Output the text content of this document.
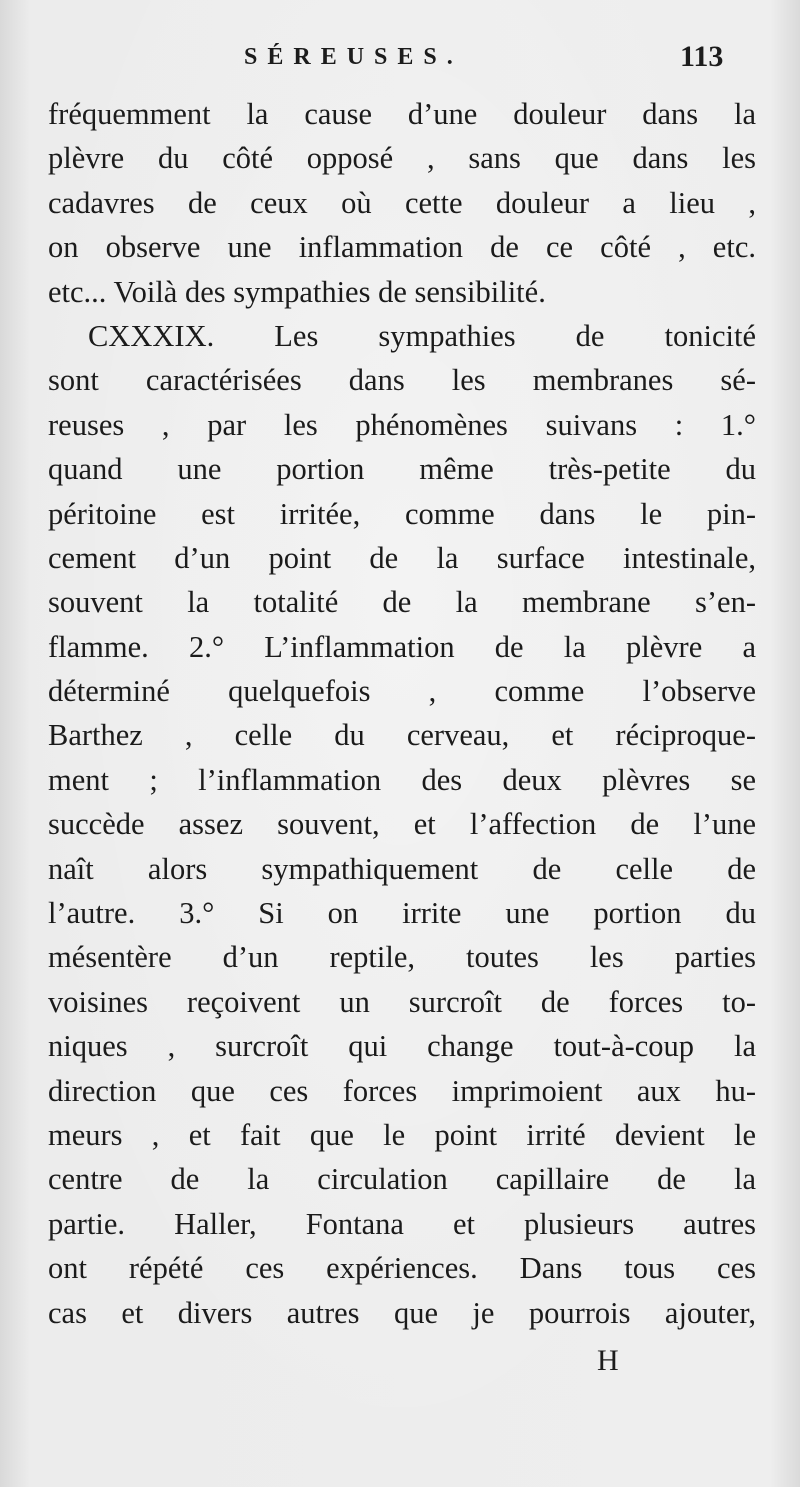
SÉREUSES.	113
fréquemment la cause d’une douleur dans la
plèvre du côté opposé , sans que dans les
cadavres de ceux où cette douleur a lieu ,
on observe une inflammation de ce côté , etc.
etc... Voilà des sympathies de sensibilité.
CXXXIX. Les sympathies de tonicité
sont caractérisées dans les membranes sé-
reuses , par les phénomènes suivans : 1.°
quand une portion même très-petite du
péritoine est irritée, comme dans le pin-
cement d’un point de la surface intestinale,
souvent la totalité de la membrane s’en-
flamme. 2.° L’inflammation de la plèvre a
déterminé quelquefois , comme l’observe
Barthez , celle du cerveau, et réciproque-
ment ; l’inflammation des deux plèvres se
succède assez souvent, et l’affection de l’une
naît alors sympathiquement de celle de
l’autre. 3.° Si on irrite une portion du
mésentère d’un reptile, toutes les parties
voisines reçoivent un surcroît de forces to-
niques , surcroît qui change tout-à-coup la
direction que ces forces imprimoient aux hu-
meurs , et fait que le point irrité devient le
centre de la circulation capillaire de la
partie. Haller, Fontana et plusieurs autres
ont répété ces expériences. Dans tous ces
cas et divers autres que je pourrois ajouter,
H
